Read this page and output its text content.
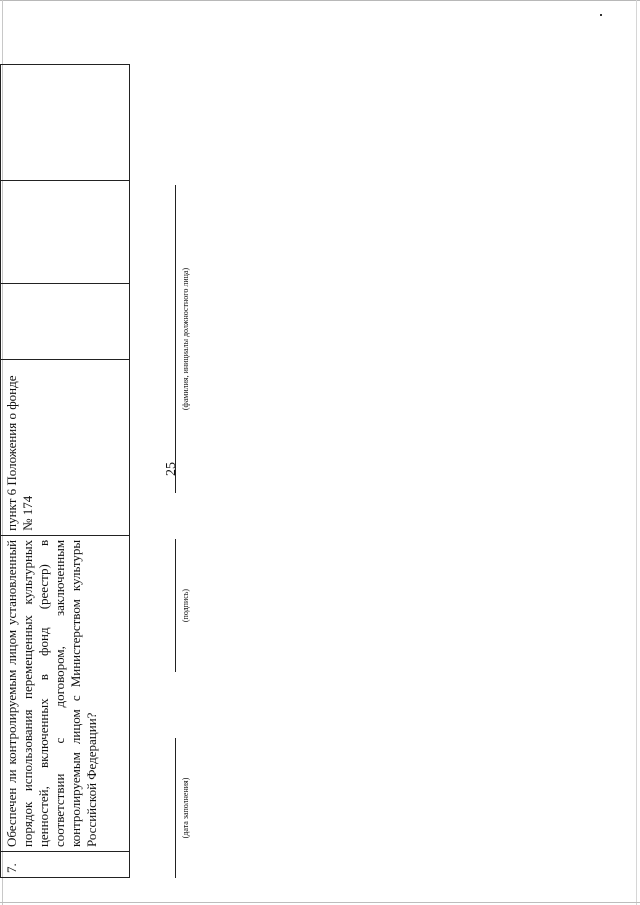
7.
Обеспечен ли контролируемым лицом установленный порядок использования перемещенных культурных ценностей, включенных в фонд (реестр) в соответствии с договором, заключенным контролируемым лицом с Министерством культуры Российской Федерации?
пункт 6 Положения о фонде № 174
25
(дата заполнения)
(подпись)
(фамилия, инициалы должностного лица)
